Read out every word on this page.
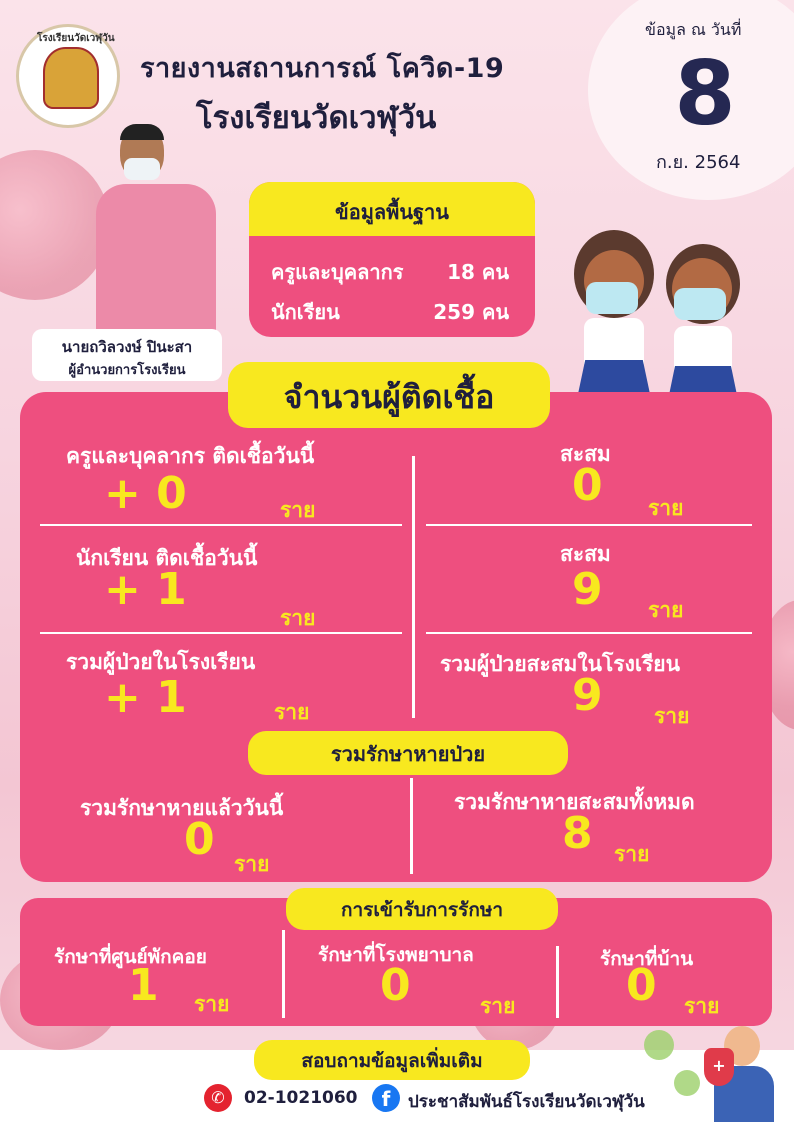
โรงเรียนวัดเวฬุวัน
รายงานสถานการณ์ โควิด-19
โรงเรียนวัดเวฬุวัน
ข้อมูล ณ วันที่
8
ก.ย. 2564
นายถวิลวงษ์ ปินะสา
ผู้อำนวยการโรงเรียน
ข้อมูลพื้นฐาน
ครูและบุคลากร 18 คน
นักเรียน	259 คน
จำนวนผู้ติดเชื้อ
ครูและบุคลากร ติดเชื้อวันนี้
+ 0	ราย
นักเรียน ติดเชื้อวันนี้
+ 1
ราย
รวมผู้ป่วยในโรงเรียน
+ 1	ราย
สะสม
0 ราย
สะสม
9 ราย
รวมผู้ป่วยสะสมในโรงเรียน
9 ราย
รวมรักษาหายป่วย
รวมรักษาหายแล้ววันนี้
0 ราย
รวมรักษาหายสะสมทั้งหมด
8 ราย
การเข้ารับการรักษา
รักษาที่ศูนย์พักคอย
1 ราย
รักษาที่โรงพยาบาล
0	ราย
รักษาที่บ้าน
0 ราย
สอบถามข้อมูลเพิ่มเติม
✆	02-1021060	f	ประชาสัมพันธ์โรงเรียนวัดเวฬุวัน
+
